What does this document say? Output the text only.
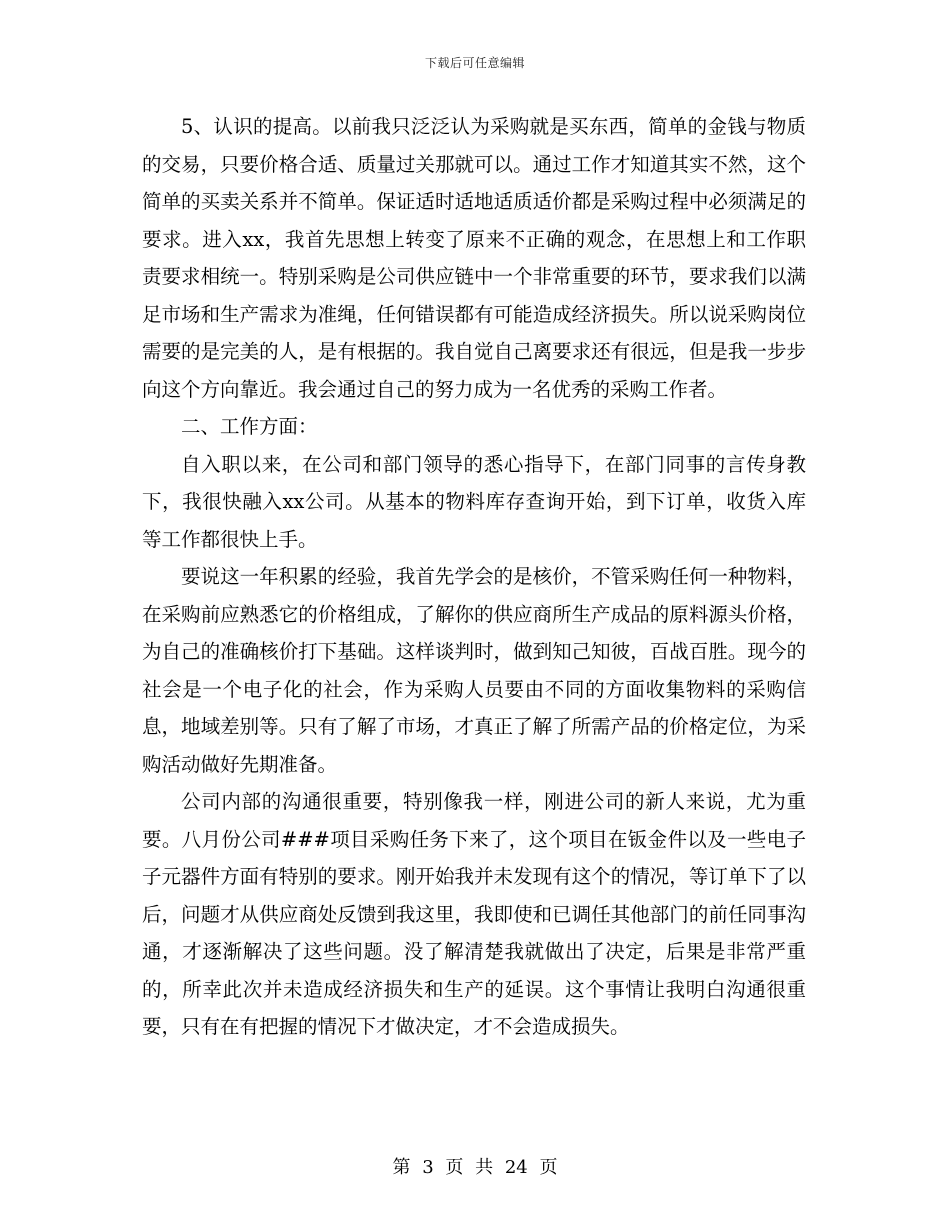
下载后可任意编辑

5、认识的提高。以前我只泛泛认为采购就是买东西，简单的金钱与物质的交易，只要价格合适、质量过关那就可以。通过工作才知道其实不然，这个简单的买卖关系并不简单。保证适时适地适质适价都是采购过程中必须满足的要求。进入xx，我首先思想上转变了原来不正确的观念，在思想上和工作职责要求相统一。特别采购是公司供应链中一个非常重要的环节，要求我们以满足市场和生产需求为准绳，任何错误都有可能造成经济损失。所以说采购岗位需要的是完美的人，是有根据的。我自觉自己离要求还有很远，但是我一步步向这个方向靠近。我会通过自己的努力成为一名优秀的采购工作者。

二、工作方面：

自入职以来，在公司和部门领导的悉心指导下，在部门同事的言传身教下，我很快融入xx公司。从基本的物料库存查询开始，到下订单，收货入库等工作都很快上手。

要说这一年积累的经验，我首先学会的是核价，不管采购任何一种物料，在采购前应熟悉它的价格组成，了解你的供应商所生产成品的原料源头价格，为自己的准确核价打下基础。这样谈判时，做到知己知彼，百战百胜。现今的社会是一个电子化的社会，作为采购人员要由不同的方面收集物料的采购信息，地域差别等。只有了解了市场，才真正了解了所需产品的价格定位，为采购活动做好先期准备。

公司内部的沟通很重要，特别像我一样，刚进公司的新人来说，尤为重要。八月份公司###项目采购任务下来了，这个项目在钣金件以及一些电子子元器件方面有特别的要求。刚开始我并未发现有这个的情况，等订单下了以后，问题才从供应商处反馈到我这里，我即使和已调任其他部门的前任同事沟通，才逐渐解决了这些问题。没了解清楚我就做出了决定，后果是非常严重的，所幸此次并未造成经济损失和生产的延误。这个事情让我明白沟通很重要，只有在有把握的情况下才做决定，才不会造成损失。

第 3 页 共 24 页
